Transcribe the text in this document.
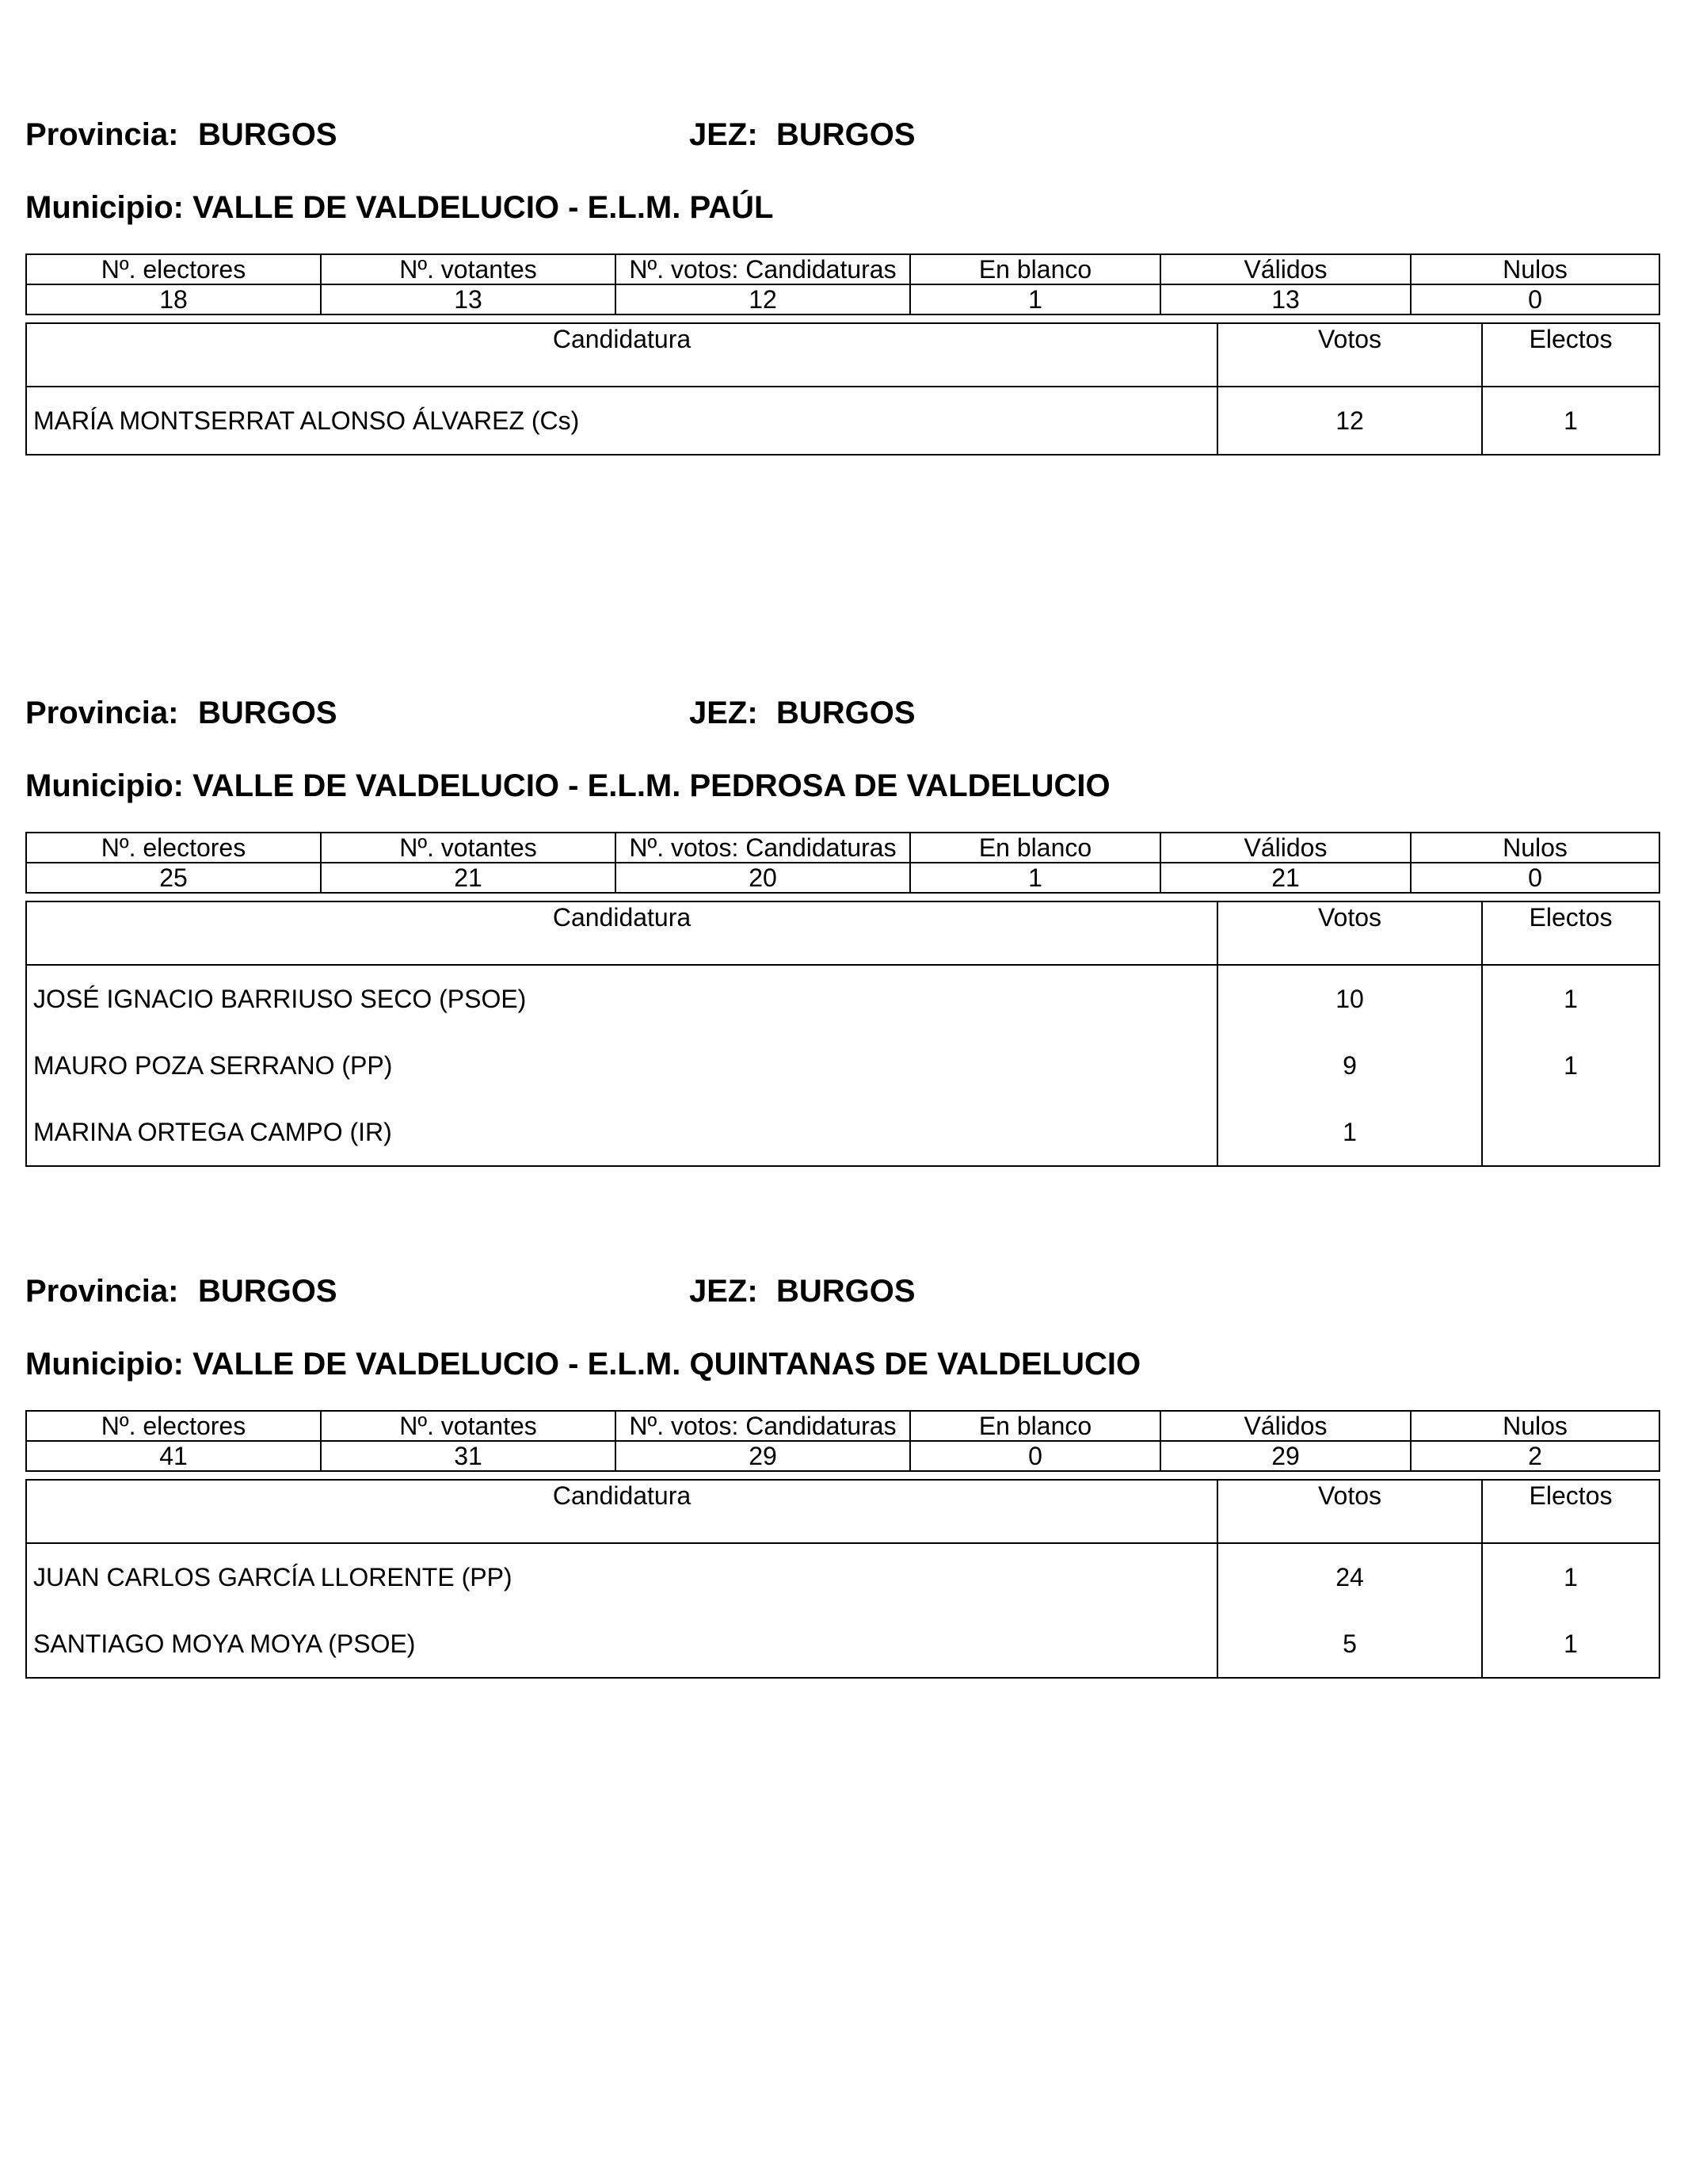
Provincia: BURGOS	JEZ: BURGOS
Municipio: VALLE DE VALDELUCIO - E.L.M. PAÚL
Nº. electores	Nº. votantes	Nº. votos: Candidaturas	En blanco	Válidos	Nulos
18	13	12	1	13	0
Candidatura	Votos	Electos
MARÍA MONTSERRAT ALONSO ÁLVAREZ (Cs)	12	1
Provincia: BURGOS	JEZ: BURGOS
Municipio: VALLE DE VALDELUCIO - E.L.M. PEDROSA DE VALDELUCIO
Nº. electores	Nº. votantes	Nº. votos: Candidaturas	En blanco	Válidos	Nulos
25	21	20	1	21	0
Candidatura	Votos	Electos
JOSÉ IGNACIO BARRIUSO SECO (PSOE)	10	1
MAURO POZA SERRANO (PP)	9	1
MARINA ORTEGA CAMPO (IR)	1	
Provincia: BURGOS	JEZ: BURGOS
Municipio: VALLE DE VALDELUCIO - E.L.M. QUINTANAS DE VALDELUCIO
Nº. electores	Nº. votantes	Nº. votos: Candidaturas	En blanco	Válidos	Nulos
41	31	29	0	29	2
Candidatura	Votos	Electos
JUAN CARLOS GARCÍA LLORENTE (PP)	24	1
SANTIAGO MOYA MOYA (PSOE)	5	1
